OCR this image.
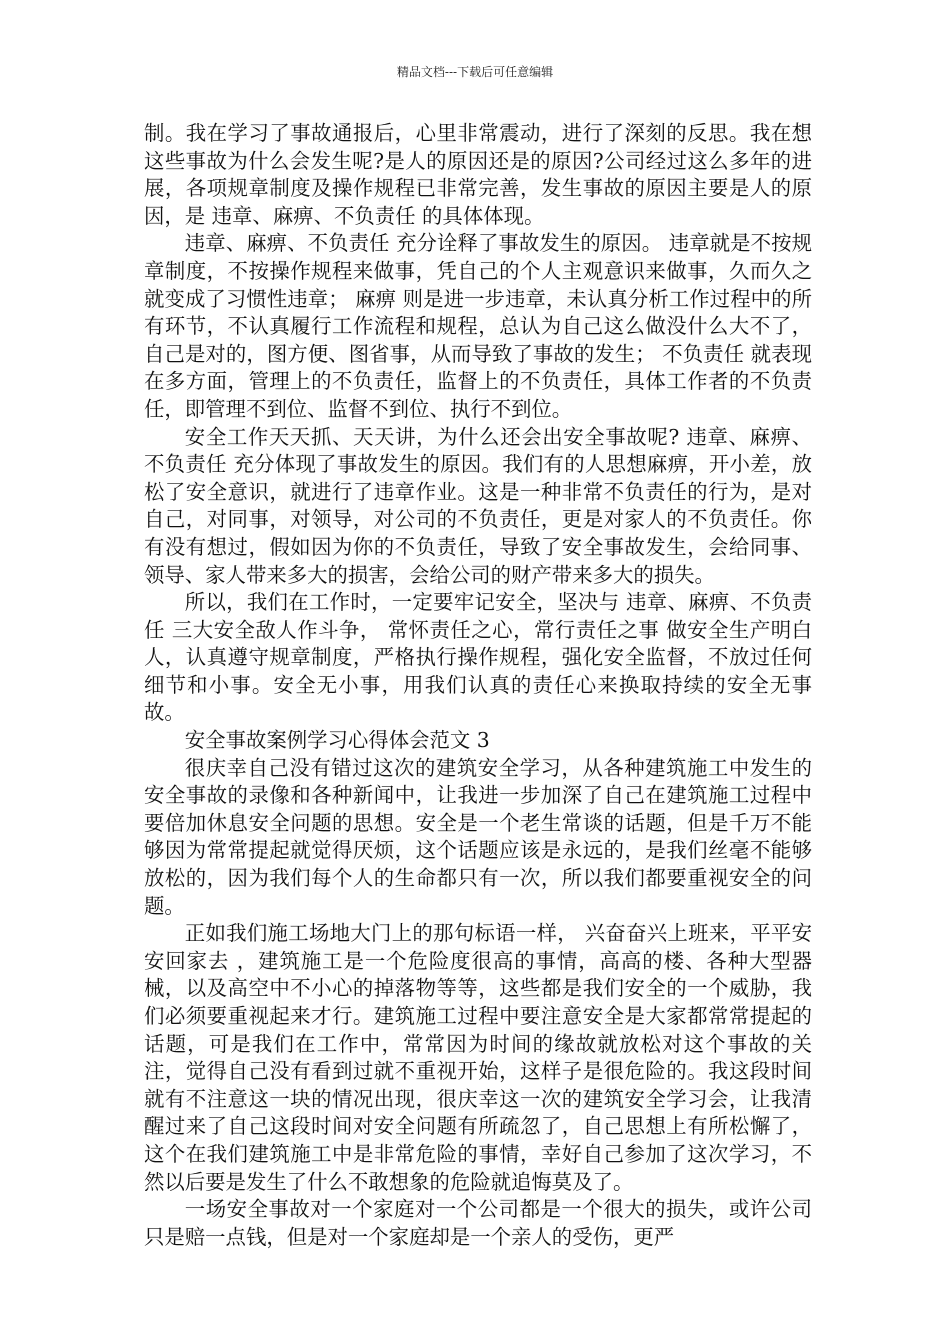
精品文档---下载后可任意编辑

制。我在学习了事故通报后，心里非常震动，进行了深刻的反思。我在想这些事故为什么会发生呢?是人的原因还是的原因?公司经过这么多年的进展，各项规章制度及操作规程已非常完善，发生事故的原因主要是人的原因，是 违章、麻痹、不负责任 的具体体现。

违章、麻痹、不负责任 充分诠释了事故发生的原因。 违章就是不按规章制度，不按操作规程来做事，凭自己的个人主观意识来做事，久而久之就变成了习惯性违章； 麻痹 则是进一步违章，未认真分析工作过程中的所有环节，不认真履行工作流程和规程，总认为自己这么做没什么大不了，自己是对的，图方便、图省事，从而导致了事故的发生； 不负责任 就表现在多方面，管理上的不负责任，监督上的不负责任，具体工作者的不负责任，即管理不到位、监督不到位、执行不到位。

安全工作天天抓、天天讲，为什么还会出安全事故呢? 违章、麻痹、不负责任 充分体现了事故发生的原因。我们有的人思想麻痹，开小差，放松了安全意识，就进行了违章作业。这是一种非常不负责任的行为，是对自己，对同事，对领导，对公司的不负责任，更是对家人的不负责任。你有没有想过，假如因为你的不负责任，导致了安全事故发生，会给同事、领导、家人带来多大的损害，会给公司的财产带来多大的损失。

所以，我们在工作时，一定要牢记安全，坚决与 违章、麻痹、不负责任 三大安全敌人作斗争， 常怀责任之心，常行责任之事 做安全生产明白人，认真遵守规章制度，严格执行操作规程，强化安全监督，不放过任何细节和小事。安全无小事，用我们认真的责任心来换取持续的安全无事故。

安全事故案例学习心得体会范文 3

很庆幸自己没有错过这次的建筑安全学习，从各种建筑施工中发生的安全事故的录像和各种新闻中，让我进一步加深了自己在建筑施工过程中要倍加休息安全问题的思想。安全是一个老生常谈的话题，但是千万不能够因为常常提起就觉得厌烦，这个话题应该是永远的，是我们丝毫不能够放松的，因为我们每个人的生命都只有一次，所以我们都要重视安全的问题。

正如我们施工场地大门上的那句标语一样， 兴奋奋兴上班来，平平安安回家去 ，建筑施工是一个危险度很高的事情，高高的楼、各种大型器械，以及高空中不小心的掉落物等等，这些都是我们安全的一个威胁，我们必须要重视起来才行。建筑施工过程中要注意安全是大家都常常提起的话题，可是我们在工作中，常常因为时间的缘故就放松对这个事故的关注，觉得自己没有看到过就不重视开始，这样子是很危险的。我这段时间就有不注意这一块的情况出现，很庆幸这一次的建筑安全学习会，让我清醒过来了自己这段时间对安全问题有所疏忽了，自己思想上有所松懈了，这个在我们建筑施工中是非常危险的事情，幸好自己参加了这次学习，不然以后要是发生了什么不敢想象的危险就追悔莫及了。

一场安全事故对一个家庭对一个公司都是一个很大的损失，或许公司只是赔一点钱，但是对一个家庭却是一个亲人的受伤，更严
